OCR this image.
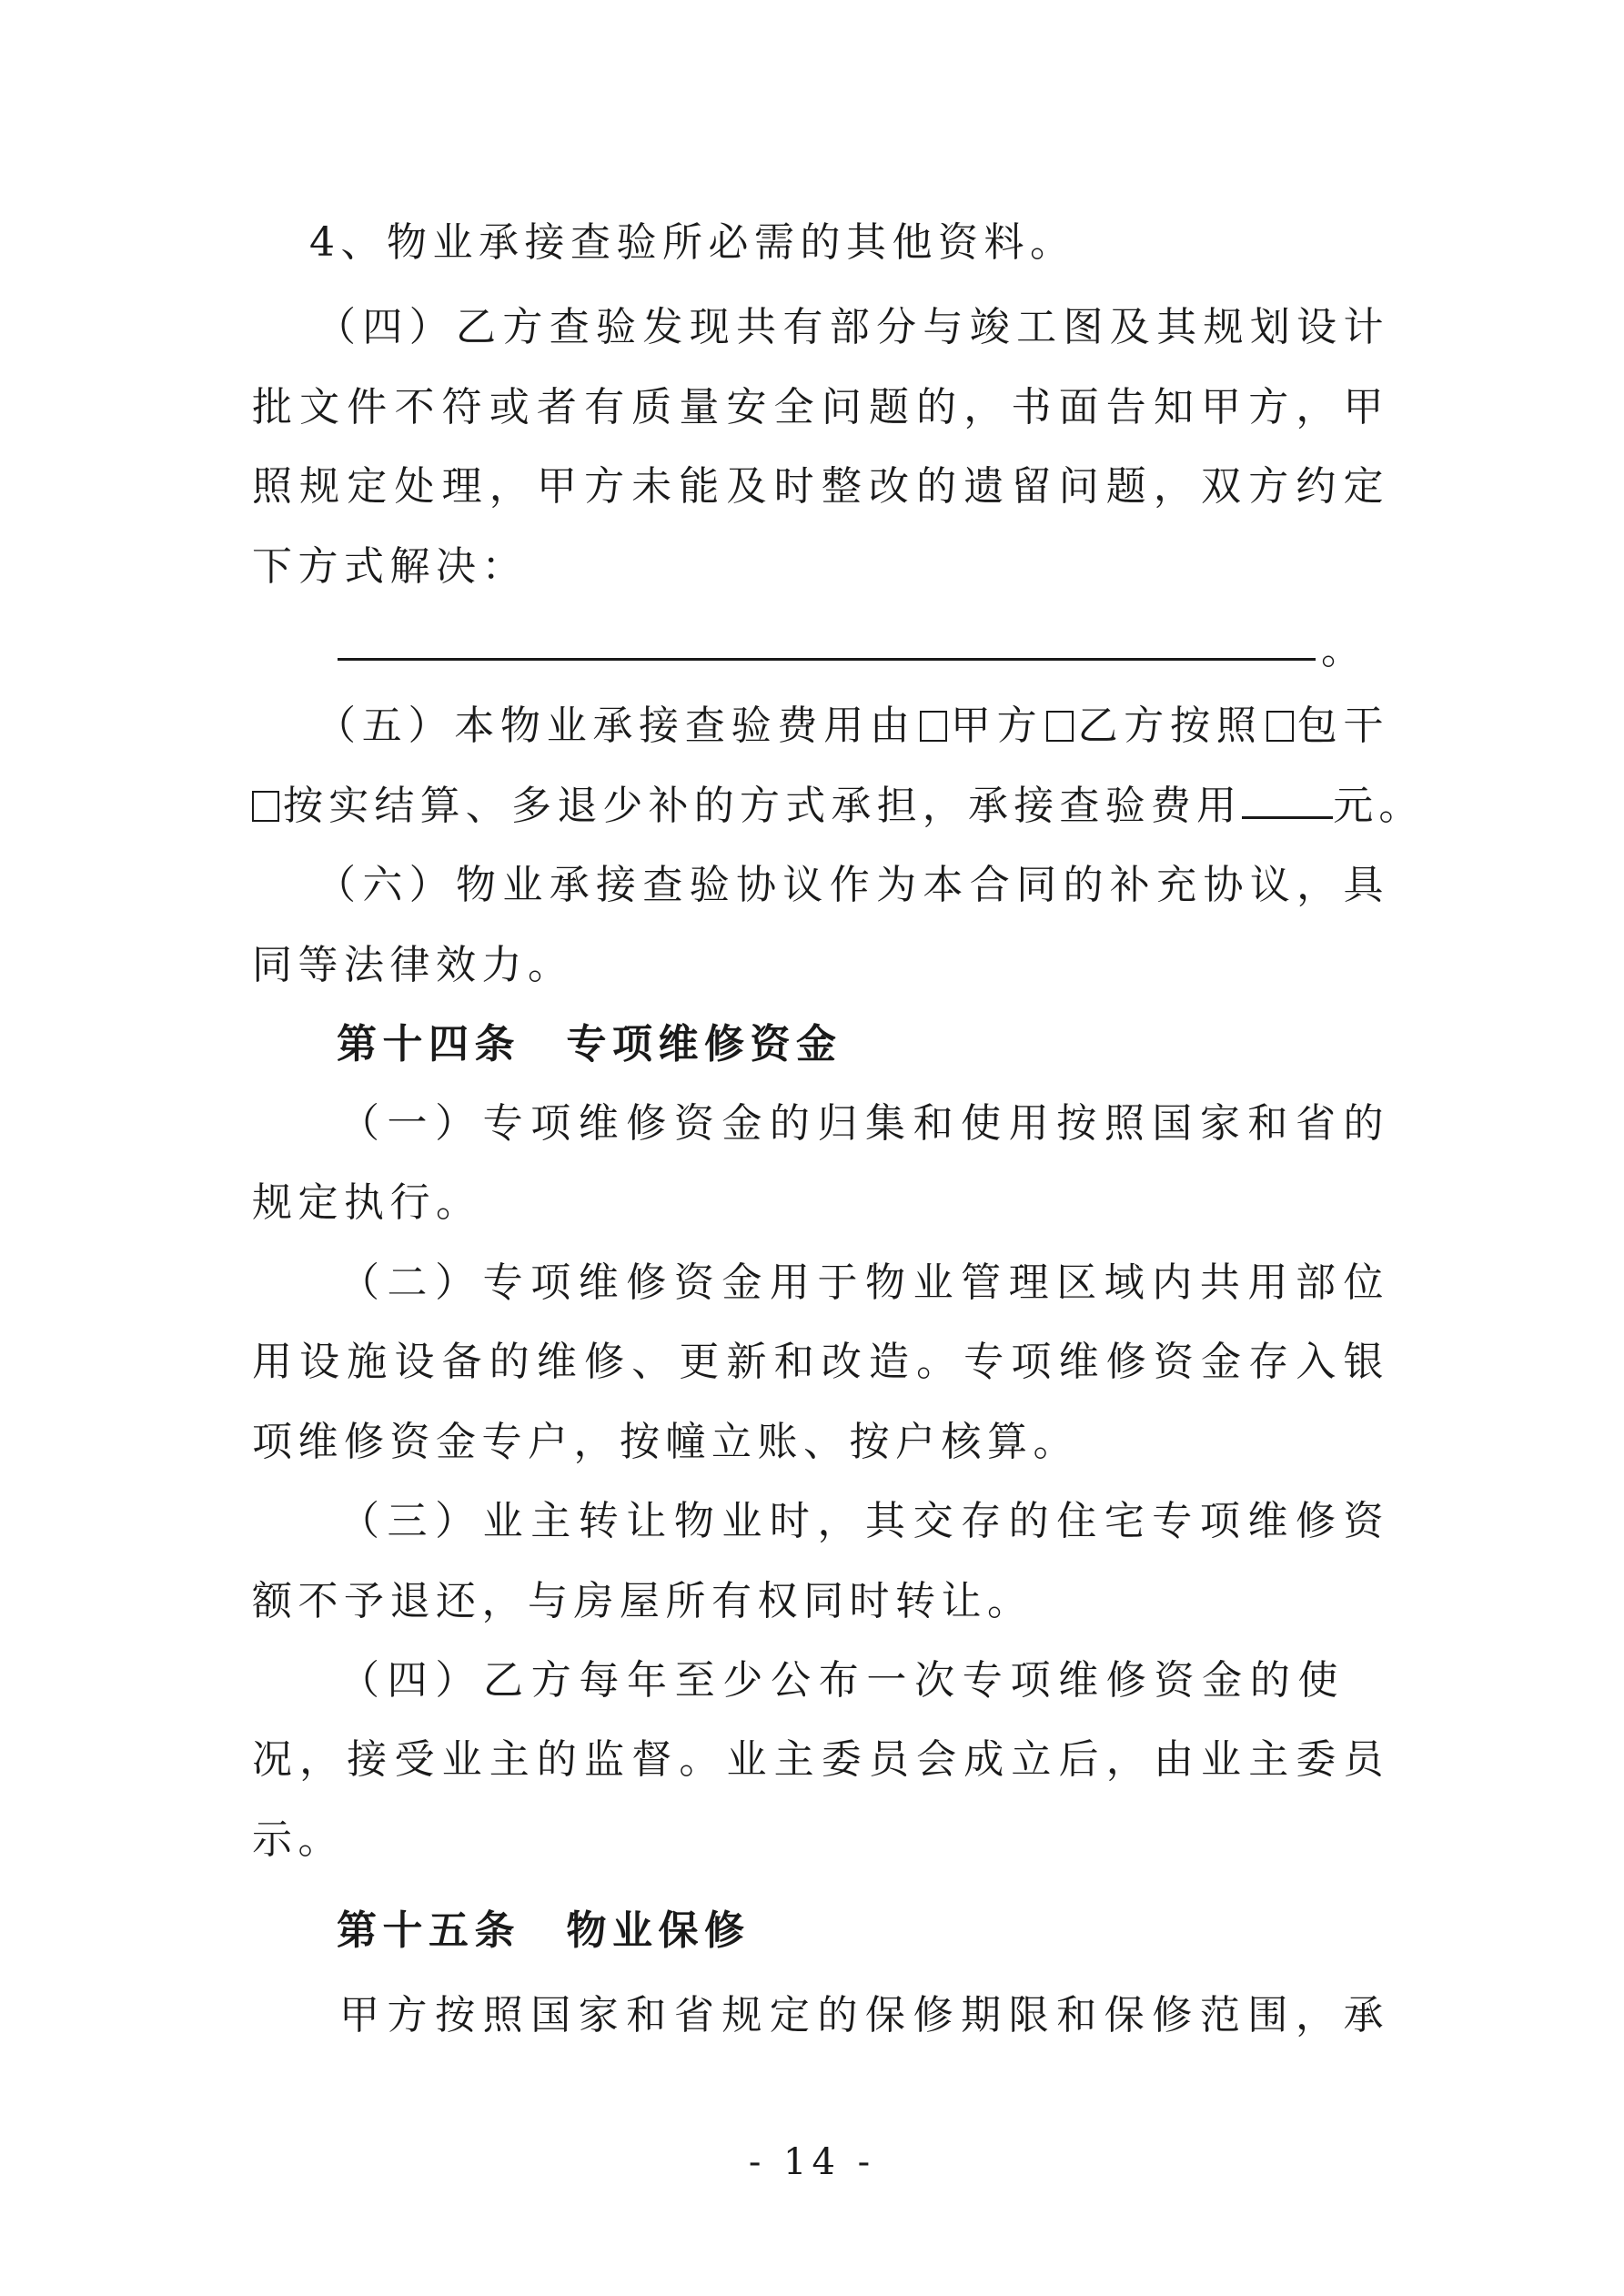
4、物业承接查验所必需的其他资料。
（四）乙方查验发现共有部分与竣工图及其规划设计
批文件不符或者有质量安全问题的，书面告知甲方，甲
照规定处理，甲方未能及时整改的遗留问题，双方约定
下方式解决：
。
（五）本物业承接查验费用由 甲方 乙方按照 包干
按实结算、多退少补的方式承担，承接查验费用 元。
（六）物业承接查验协议作为本合同的补充协议，具
同等法律效力。
第十四条　专项维修资金
（一）专项维修资金的归集和使用按照国家和省的
规定执行。
（二）专项维修资金用于物业管理区域内共用部位
用设施设备的维修、更新和改造。专项维修资金存入银
项维修资金专户，按幢立账、按户核算。
（三）业主转让物业时，其交存的住宅专项维修资
额不予退还，与房屋所有权同时转让。
（四）乙方每年至少公布一次专项维修资金的使
况，接受业主的监督。业主委员会成立后，由业主委员
示。
第十五条　物业保修
甲方按照国家和省规定的保修期限和保修范围，承
- 14 -
